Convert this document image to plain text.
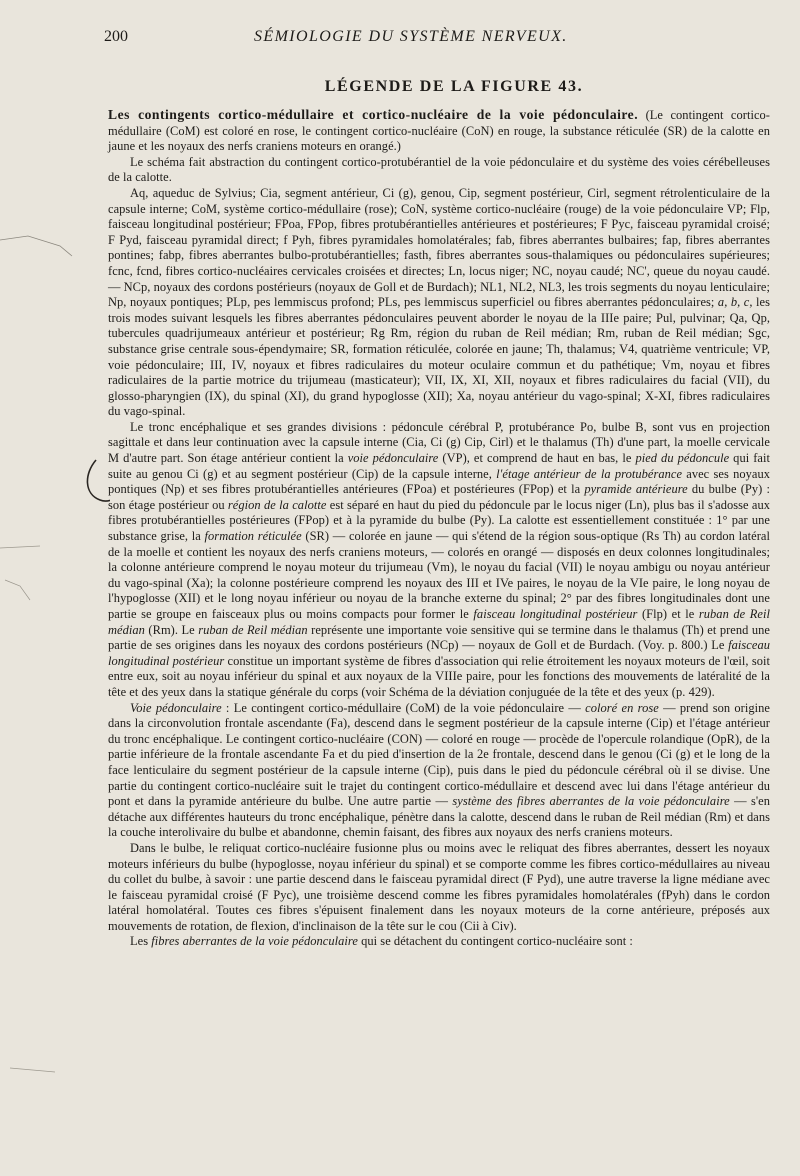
200	SÉMIOLOGIE DU SYSTÈME NERVEUX.
LÉGENDE DE LA FIGURE 43.

Les contingents cortico-médullaire et cortico-nucléaire de la voie pédonculaire. (Le contingent cortico-médullaire (CoM) est coloré en rose, le contingent cortico-nucléaire (CoN) en rouge, la substance réticulée (SR) de la calotte en jaune et les noyaux des nerfs craniens moteurs en orangé.)

Le schéma fait abstraction du contingent cortico-protubérantiel de la voie pédonculaire et du système des voies cérébelleuses de la calotte.

Aq, aqueduc de Sylvius; Cia, segment antérieur, Ci (g), genou, Cip, segment postérieur, Cirl, segment rétrolenticulaire de la capsule interne; CoM, système cortico-médullaire (rose); CoN, système cortico-nucléaire (rouge) de la voie pédonculaire VP; Flp, faisceau longitudinal postérieur; FPoa, FPop, fibres protubérantielles antérieures et postérieures; F Pyc, faisceau pyramidal croisé; F Pyd, faisceau pyramidal direct; f Pyh, fibres pyramidales homolatérales; fab, fibres aberrantes bulbaires; fap, fibres aberrantes pontines; fabp, fibres aberrantes bulbo-protubérantielles; fasth, fibres aberrantes sous-thalamiques ou pédonculaires supérieures; fcnc, fcnd, fibres cortico-nucléaires cervicales croisées et directes; Ln, locus niger; NC, noyau caudé; NC', queue du noyau caudé. — NCp, noyaux des cordons postérieurs (noyaux de Goll et de Burdach); NL1, NL2, NL3, les trois segments du noyau lenticulaire; Np, noyaux pontiques; PLp, pes lemmiscus profond; PLs, pes lemmiscus superficiel ou fibres aberrantes pédonculaires; a, b, c, les trois modes suivant lesquels les fibres aberrantes pédonculaires peuvent aborder le noyau de la IIIe paire; Pul, pulvinar; Qa, Qp, tubercules quadrijumeaux antérieur et postérieur; Rg Rm, région du ruban de Reil médian; Rm, ruban de Reil médian; Sgc, substance grise centrale sous-épendymaire; SR, formation réticulée, colorée en jaune; Th, thalamus; V4, quatrième ventricule; VP, voie pédonculaire; III, IV, noyaux et fibres radiculaires du moteur oculaire commun et du pathétique; Vm, noyau et fibres radiculaires de la partie motrice du trijumeau (masticateur); VII, IX, XI, XII, noyaux et fibres radiculaires du facial (VII), du glosso-pharyngien (IX), du spinal (XI), du grand hypoglosse (XII); Xa, noyau antérieur du vago-spinal; X-XI, fibres radiculaires du vago-spinal.

Le tronc encéphalique et ses grandes divisions : pédoncule cérébral P, protubérance Po, bulbe B, sont vus en projection sagittale et dans leur continuation avec la capsule interne (Cia, Ci (g) Cip, Cirl) et le thalamus (Th) d'une part, la moelle cervicale M d'autre part. Son étage antérieur contient la voie pédonculaire (VP), et comprend de haut en bas, le pied du pédoncule qui fait suite au genou Ci (g) et au segment postérieur (Cip) de la capsule interne, l'étage antérieur de la protubérance avec ses noyaux pontiques (Np) et ses fibres protubérantielles antérieures (FPoa) et postérieures (FPop) et la pyramide antérieure du bulbe (Py) : son étage postérieur ou région de la calotte est séparé en haut du pied du pédoncule par le locus niger (Ln), plus bas il s'adosse aux fibres protubérantielles postérieures (FPop) et à la pyramide du bulbe (Py). La calotte est essentiellement constituée : 1° par une substance grise, la formation réticulée (SR) — colorée en jaune — qui s'étend de la région sous-optique (Rs Th) au cordon latéral de la moelle et contient les noyaux des nerfs craniens moteurs, — colorés en orangé — disposés en deux colonnes longitudinales; la colonne antérieure comprend le noyau moteur du trijumeau (Vm), le noyau du facial (VII) le noyau ambigu ou noyau antérieur du vago-spinal (Xa); la colonne postérieure comprend les noyaux des III et IVe paires, le noyau de la VIe paire, le long noyau de l'hypoglosse (XII) et le long noyau inférieur ou noyau de la branche externe du spinal; 2° par des fibres longitudinales dont une partie se groupe en faisceaux plus ou moins compacts pour former le faisceau longitudinal postérieur (Flp) et le ruban de Reil médian (Rm). Le ruban de Reil médian représente une importante voie sensitive qui se termine dans le thalamus (Th) et prend une partie de ses origines dans les noyaux des cordons postérieurs (NCp) — noyaux de Goll et de Burdach. (Voy. p. 800.) Le faisceau longitudinal postérieur constitue un important système de fibres d'association qui relie étroitement les noyaux moteurs de l'œil, soit entre eux, soit au noyau inférieur du spinal et aux noyaux de la VIIIe paire, pour les fonctions des mouvements de latéralité de la tête et des yeux dans la statique générale du corps (voir Schéma de la déviation conjuguée de la tête et des yeux (p. 429).

Voie pédonculaire : Le contingent cortico-médullaire (CoM) de la voie pédonculaire — coloré en rose — prend son origine dans la circonvolution frontale ascendante (Fa), descend dans le segment postérieur de la capsule interne (Cip) et l'étage antérieur du tronc encéphalique. Le contingent cortico-nucléaire (CON) — coloré en rouge — procède de l'opercule rolandique (OpR), de la partie inférieure de la frontale ascendante Fa et du pied d'insertion de la 2e frontale, descend dans le genou (Ci (g) et le long de la face lenticulaire du segment postérieur de la capsule interne (Cip), puis dans le pied du pédoncule cérébral où il se divise. Une partie du contingent cortico-nucléaire suit le trajet du contingent cortico-médullaire et descend avec lui dans l'étage antérieur du pont et dans la pyramide antérieure du bulbe. Une autre partie — système des fibres aberrantes de la voie pédonculaire — s'en détache aux différentes hauteurs du tronc encéphalique, pénètre dans la calotte, descend dans le ruban de Reil médian (Rm) et dans la couche interolivaire du bulbe et abandonne, chemin faisant, des fibres aux noyaux des nerfs craniens moteurs.

Dans le bulbe, le reliquat cortico-nucléaire fusionne plus ou moins avec le reliquat des fibres aberrantes, dessert les noyaux moteurs inférieurs du bulbe (hypoglosse, noyau inférieur du spinal) et se comporte comme les fibres cortico-médullaires au niveau du collet du bulbe, à savoir : une partie descend dans le faisceau pyramidal direct (F Pyd), une autre traverse la ligne médiane avec le faisceau pyramidal croisé (F Pyc), une troisième descend comme les fibres pyramidales homolatérales (fPyh) dans le cordon latéral homolatéral. Toutes ces fibres s'épuisent finalement dans les noyaux moteurs de la corne antérieure, préposés aux mouvements de rotation, de flexion, d'inclinaison de la tête sur le cou (Cii à Civ).

Les fibres aberrantes de la voie pédonculaire qui se détachent du contingent cortico-nucléaire sont :
